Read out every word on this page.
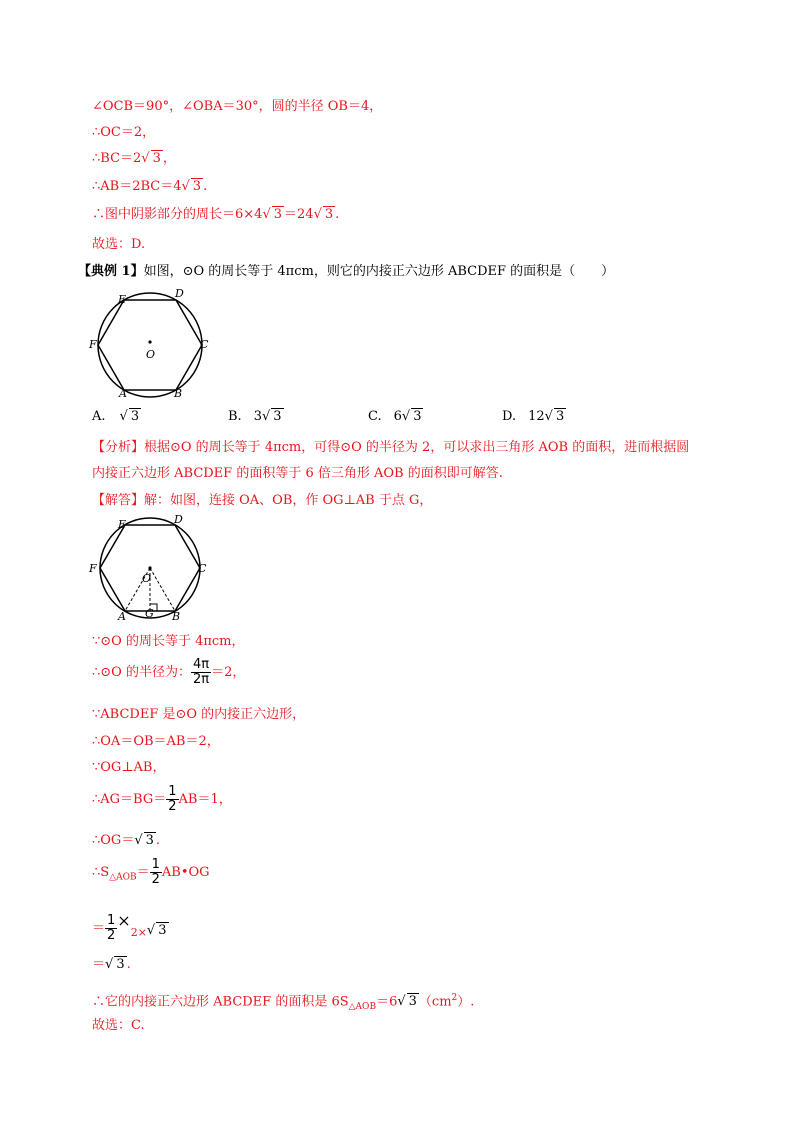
∠OCB＝90°，∠OBA＝30°，圆的半径 OB＝4，
∴OC＝2，
∴BC＝2√ 3 ，
∴AB＝2BC＝4√ 3 .
∴图中阴影部分的周长＝6×4√ 3 ＝24√ 3 .
故选：D.
【典例 1】如图，⊙O 的周长等于 4πcm，则它的内接正六边形 ABCDEF 的面积是（　　）
O
E	D
F	C
A	B
A. √ 3	B. 3√ 3	C. 6√ 3	D. 12√ 3
【分析】根据⊙O 的周长等于 4πcm，可得⊙O 的半径为 2，可以求出三角形 AOB 的面积，进而根据圆
内接正六边形 ABCDEF 的面积等于 6 倍三角形 AOB 的面积即可解答.
【解答】解：如图，连接 OA、OB，作 OG⊥AB 于点 G，
O
E	D
F	C
A G B
∵⊙O 的周长等于 4πcm，
∴⊙O 的半径为： $\frac{4\pi}{2\pi} =2$，
∵ABCDEF 是⊙O 的内接正六边形，
∴OA＝OB＝AB＝2，
∵OG⊥AB，
∴AG＝BG＝ $\frac{1}{2} AB=1$，
∴OG＝√ 3 .
$\therefore S_{\triangle AOB}= \frac{1}{2}$ AB•OG
＝ $\frac{1}{2} \times_{2\times}√$ 3
＝√ 3 .
∴它的内接正六边形 ABCDEF 的面积是 $6S_{\triangle AOB}=6√$ 3 $(cm^2)$.
故选：C.
